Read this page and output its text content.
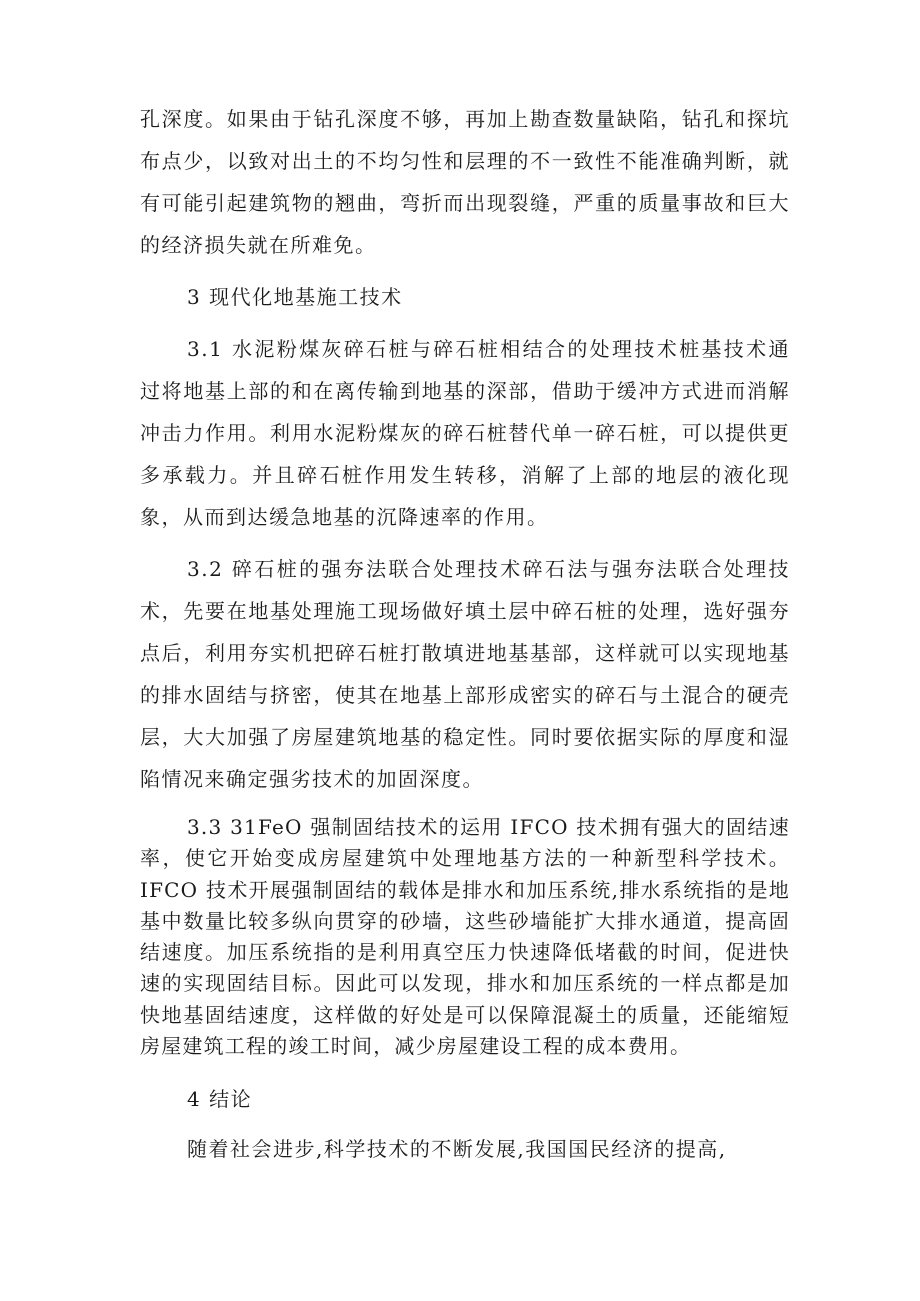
孔深度。如果由于钻孔深度不够，再加上勘查数量缺陷，钻孔和探坑布点少，以致对出土的不均匀性和层理的不一致性不能准确判断，就有可能引起建筑物的翘曲，弯折而出现裂缝，严重的质量事故和巨大的经济损失就在所难免。

3 现代化地基施工技术

3.1 水泥粉煤灰碎石桩与碎石桩相结合的处理技术桩基技术通过将地基上部的和在离传输到地基的深部，借助于缓冲方式进而消解冲击力作用。利用水泥粉煤灰的碎石桩替代单一碎石桩，可以提供更多承载力。并且碎石桩作用发生转移，消解了上部的地层的液化现象，从而到达缓急地基的沉降速率的作用。

3.2 碎石桩的强夯法联合处理技术碎石法与强夯法联合处理技术，先要在地基处理施工现场做好填土层中碎石桩的处理，选好强夯点后，利用夯实机把碎石桩打散填进地基基部，这样就可以实现地基的排水固结与挤密，使其在地基上部形成密实的碎石与土混合的硬壳层，大大加强了房屋建筑地基的稳定性。同时要依据实际的厚度和湿陷情况来确定强劣技术的加固深度。

3.3 31FeO 强制固结技术的运用 IFCO 技术拥有强大的固结速率，使它开始变成房屋建筑中处理地基方法的一种新型科学技术。IFCO 技术开展强制固结的载体是排水和加压系统,排水系统指的是地基中数量比较多纵向贯穿的砂墙，这些砂墙能扩大排水通道，提高固结速度。加压系统指的是利用真空压力快速降低堵截的时间，促进快速的实现固结目标。因此可以发现，排水和加压系统的一样点都是加快地基固结速度，这样做的好处是可以保障混凝土的质量，还能缩短房屋建筑工程的竣工时间，减少房屋建设工程的成本费用。

4 结论

随着社会进步,科学技术的不断发展,我国国民经济的提高,
